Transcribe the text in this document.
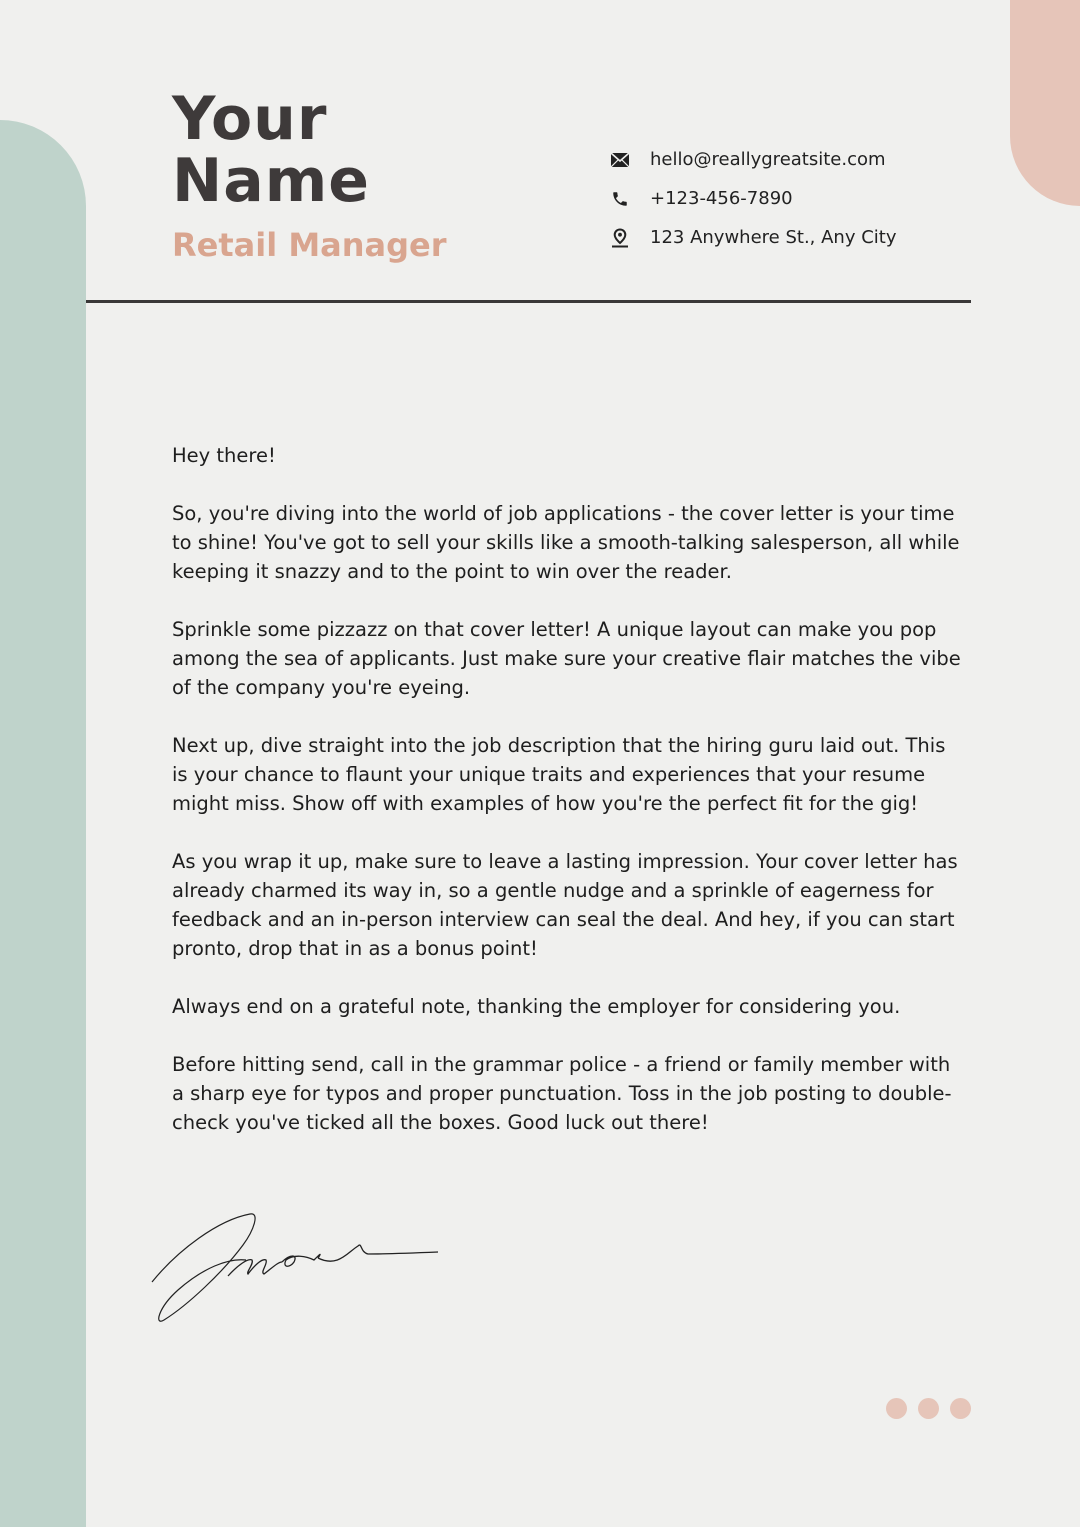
Your
Name
Retail Manager
hello@reallygreatsite.com
+123-456-7890
123 Anywhere St., Any City

Hey there!

So, you're diving into the world of job applications - the cover letter is your time to shine! You've got to sell your skills like a smooth-talking salesperson, all while keeping it snazzy and to the point to win over the reader.

Sprinkle some pizzazz on that cover letter! A unique layout can make you pop among the sea of applicants. Just make sure your creative flair matches the vibe of the company you're eyeing.

Next up, dive straight into the job description that the hiring guru laid out. This is your chance to flaunt your unique traits and experiences that your resume might miss. Show off with examples of how you're the perfect fit for the gig!

As you wrap it up, make sure to leave a lasting impression. Your cover letter has already charmed its way in, so a gentle nudge and a sprinkle of eagerness for feedback and an in-person interview can seal the deal. And hey, if you can start pronto, drop that in as a bonus point!

Always end on a grateful note, thanking the employer for considering you.

Before hitting send, call in the grammar police - a friend or family member with a sharp eye for typos and proper punctuation. Toss in the job posting to double-check you've ticked all the boxes. Good luck out there!
